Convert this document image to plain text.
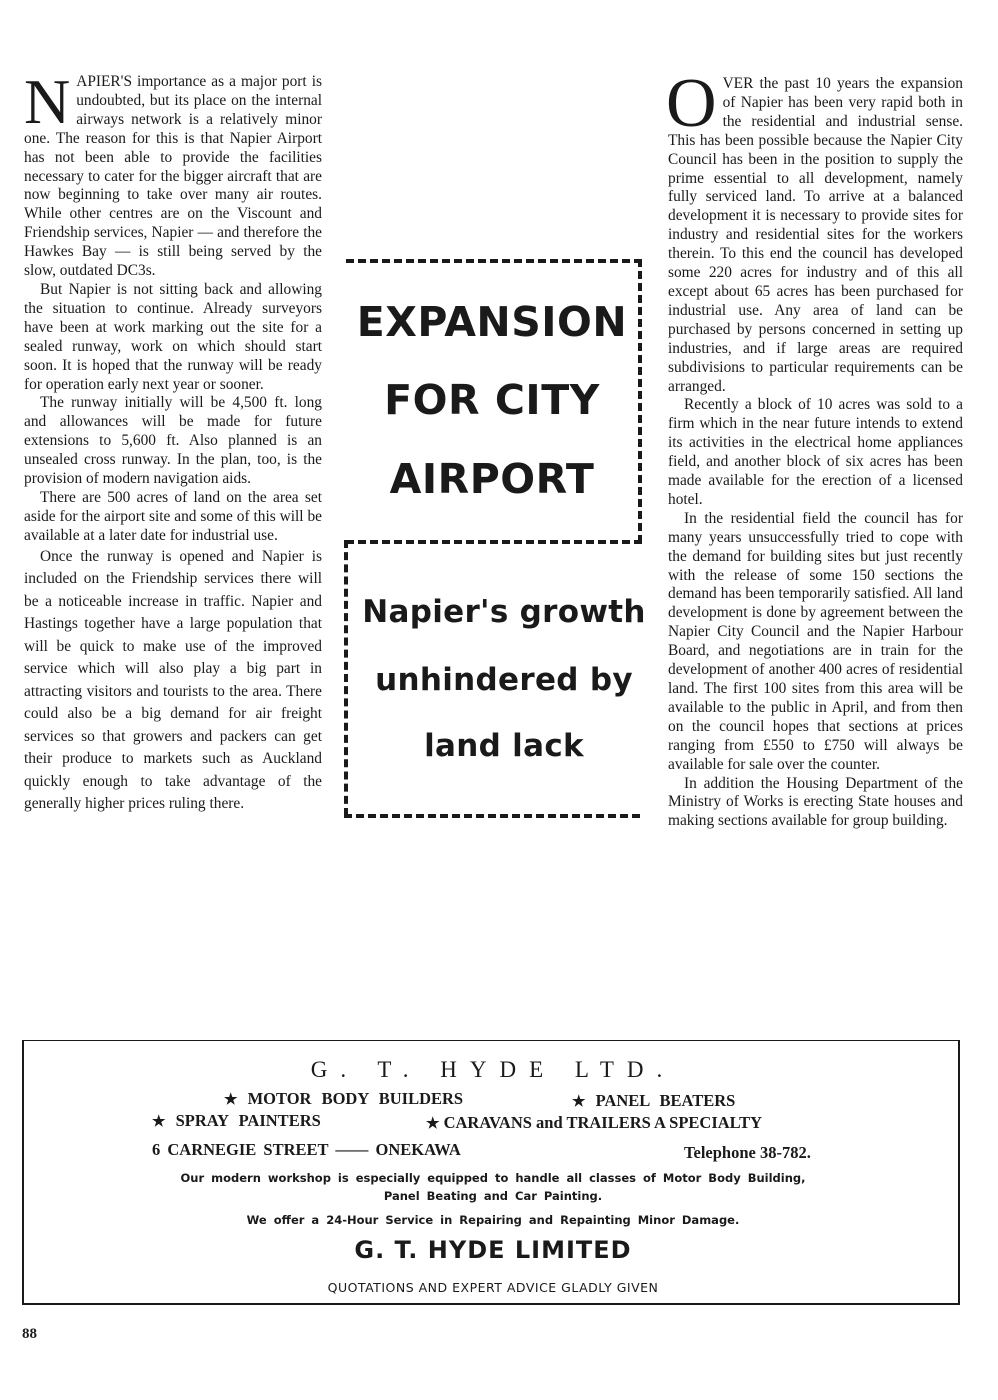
N APIER'S importance as a major port is undoubted, but its place on the internal airways network is a relatively minor one. The reason for this is that Napier Airport has not been able to provide the facilities necessary to cater for the bigger aircraft that are now beginning to take over many air routes. While other centres are on the Viscount and Friendship services, Napier — and therefore the Hawkes Bay — is still being served by the slow, outdated DC3s.

But Napier is not sitting back and allowing the situation to continue. Already surveyors have been at work marking out the site for a sealed runway, work on which should start soon. It is hoped that the runway will be ready for operation early next year or sooner.

The runway initially will be 4,500 ft. long and allowances will be made for future extensions to 5,600 ft. Also planned is an unsealed cross runway. In the plan, too, is the provision of modern navigation aids.

There are 500 acres of land on the area set aside for the airport site and some of this will be available at a later date for industrial use.

Once the runway is opened and Napier is included on the Friendship services there will be a noticeable increase in traffic. Napier and Hastings together have a large population that will be quick to make use of the improved service which will also play a big part in attracting visitors and tourists to the area. There could also be a big demand for air freight services so that growers and packers can get their produce to markets such as Auckland quickly enough to take advantage of the generally higher prices ruling there.

EXPANSION
FOR CITY
AIRPORT
Napier's growth
unhindered by
land lack
O VER the past 10 years the expansion of Napier has been very rapid both in the residential and industrial sense. This has been possible because the Napier City Council has been in the position to supply the prime essential to all development, namely fully serviced land. To arrive at a balanced development it is necessary to provide sites for industry and residential sites for the workers therein. To this end the council has developed some 220 acres for industry and of this all except about 65 acres has been purchased for industrial use. Any area of land can be purchased by persons concerned in setting up industries, and if large areas are required subdivisions to particular requirements can be arranged.

Recently a block of 10 acres was sold to a firm which in the near future intends to extend its activities in the electrical home appliances field, and another block of six acres has been made available for the erection of a licensed hotel.

In the residential field the council has for many years unsuccessfully tried to cope with the demand for building sites but just recently with the release of some 150 sections the demand has been temporarily satisfied. All land development is done by agreement between the Napier City Council and the Napier Harbour Board, and negotiations are in train for the development of another 400 acres of residential land. The first 100 sites from this area will be available to the public in April, and from then on the council hopes that sections at prices ranging from £550 to £750 will always be available for sale over the counter.

In addition the Housing Department of the Ministry of Works is erecting State houses and making sections available for group building.

G. T. HYDE LTD.
★ MOTOR BODY BUILDERS	★ PANEL BEATERS
★ SPRAY PAINTERS	★ CARAVANS and TRAILERS A SPECIALTY
6 CARNEGIE STREET —— ONEKAWA	Telephone 38-782.
Our modern workshop is especially equipped to handle all classes of Motor Body Building,
Panel Beating and Car Painting.
We offer a 24-Hour Service in Repairing and Repainting Minor Damage.
G. T. HYDE LIMITED
QUOTATIONS AND EXPERT ADVICE GLADLY GIVEN
88
